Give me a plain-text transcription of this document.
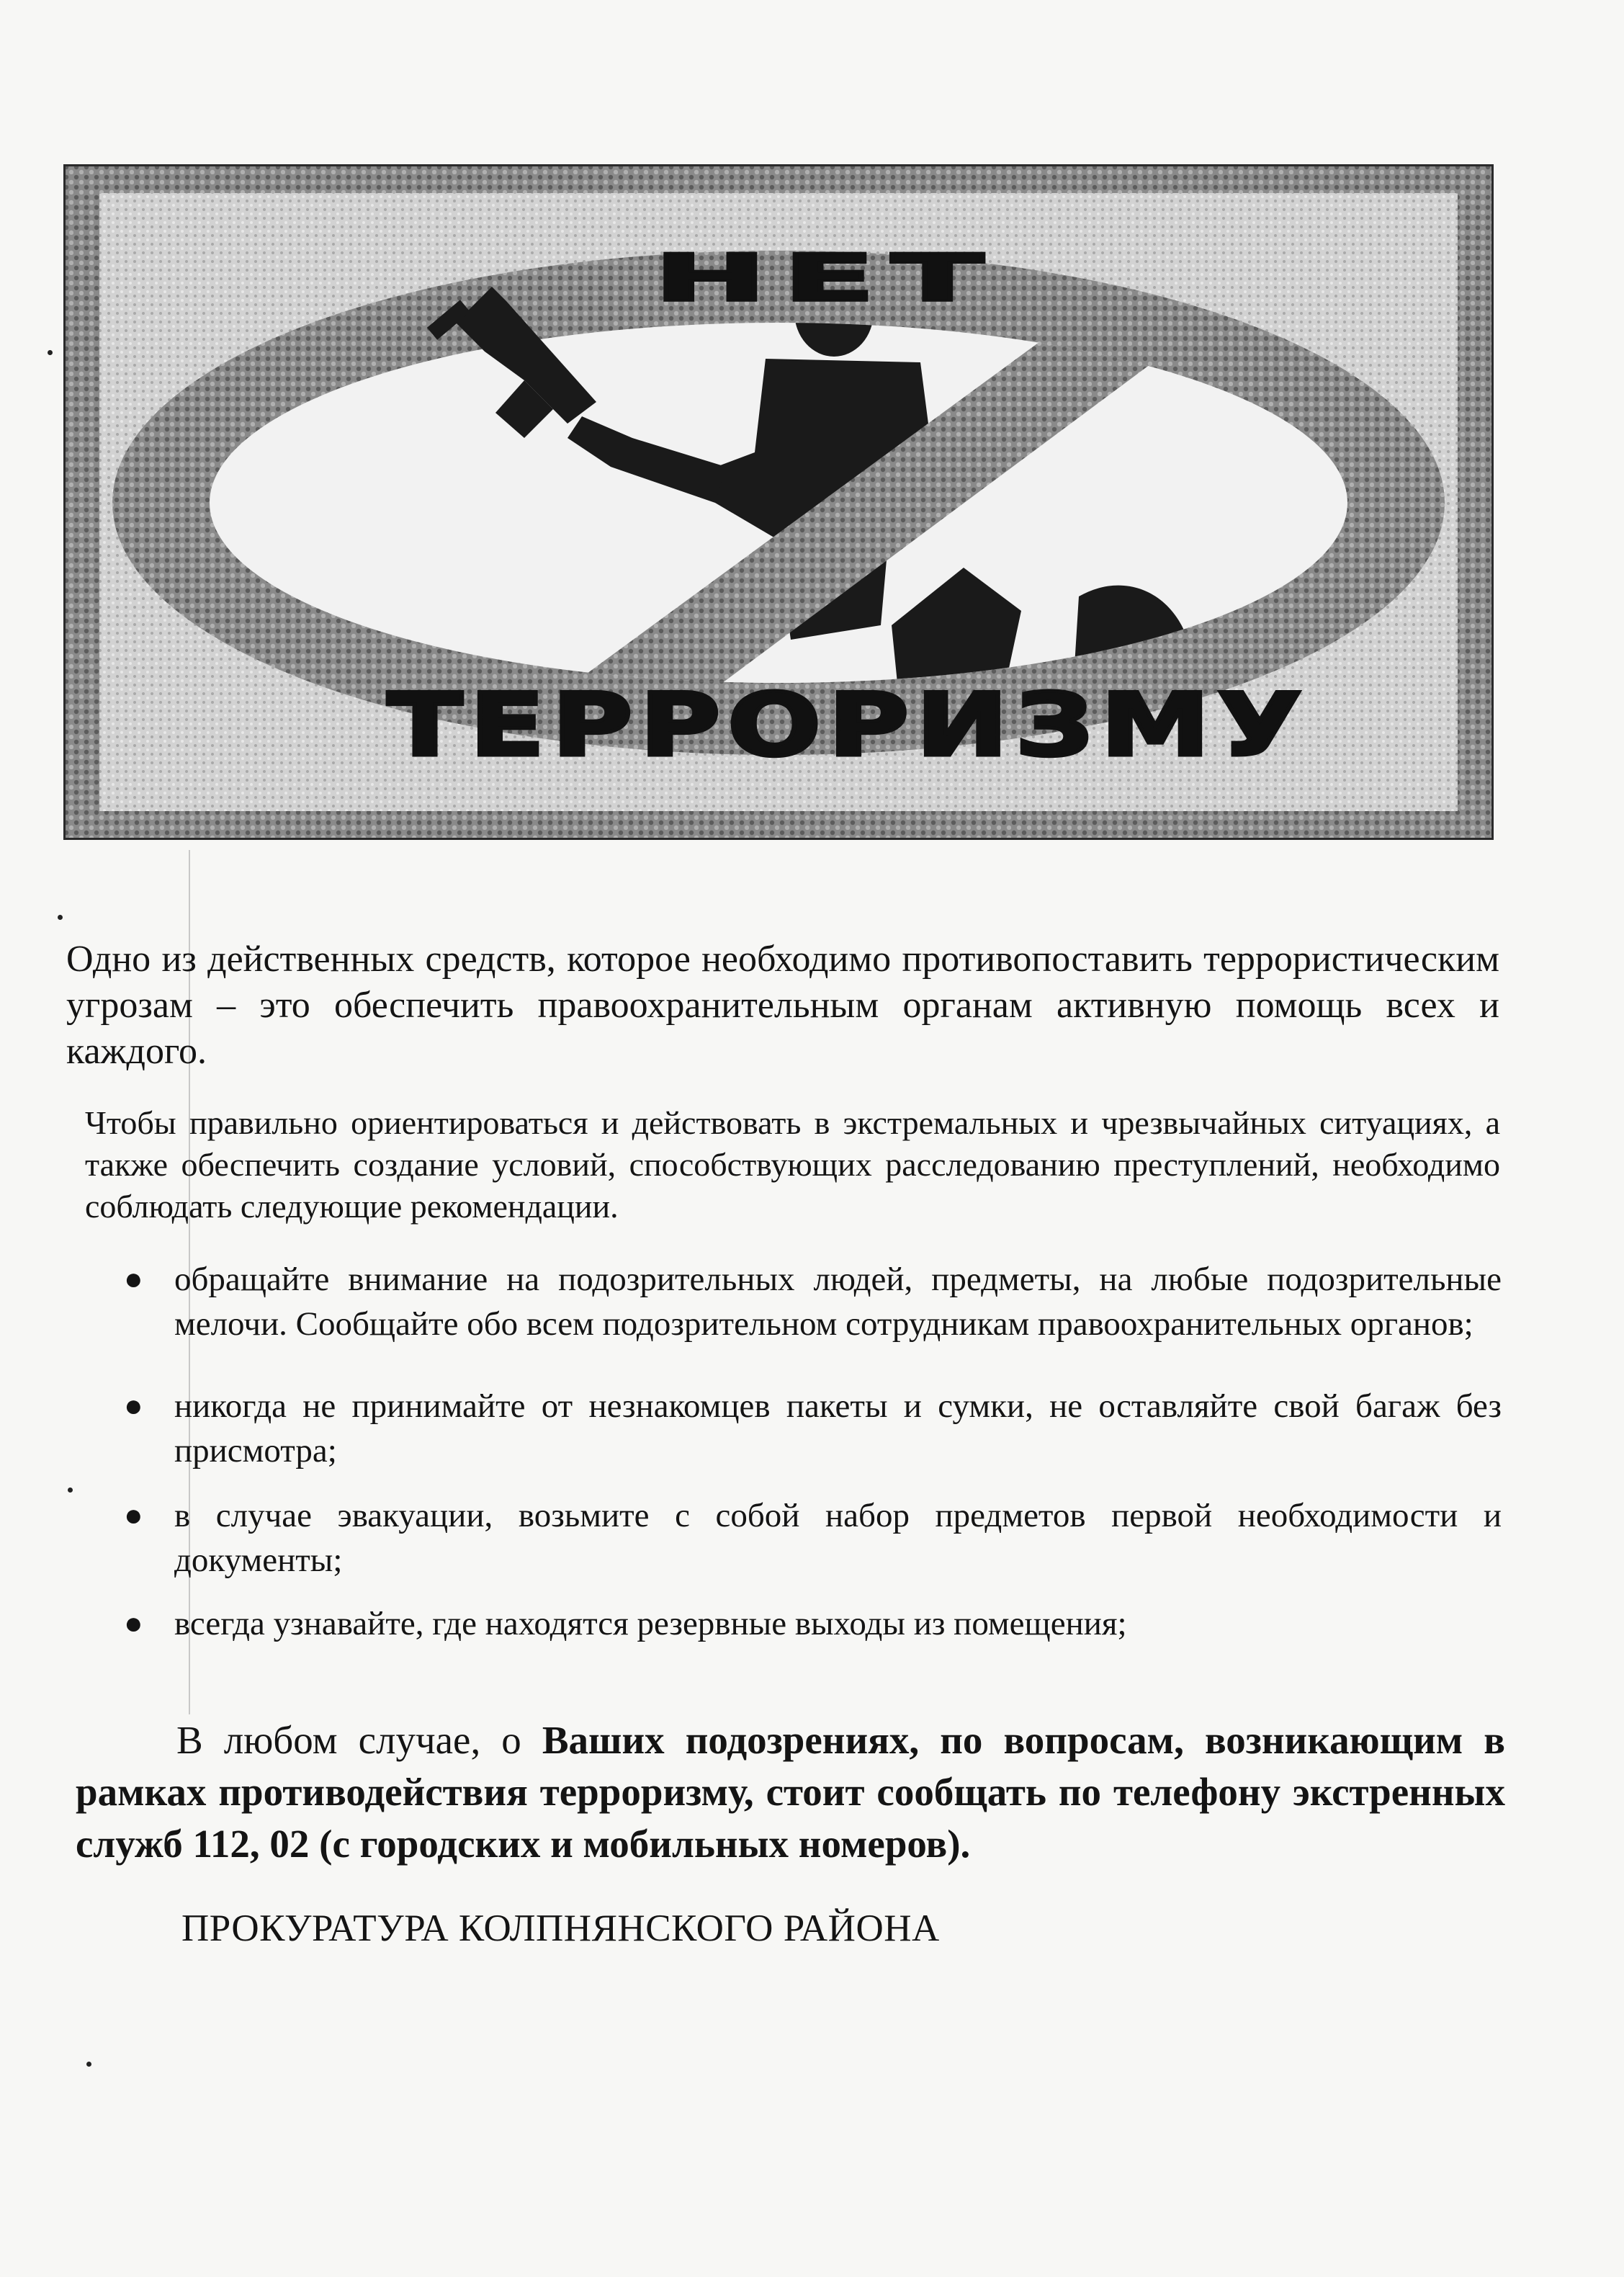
НЕТ
ТЕРРОРИЗМУ

Одно из действенных средств, которое необходимо противопоставить террористическим угрозам – это обеспечить правоохранительным органам активную помощь всех и каждого.

Чтобы правильно ориентироваться и действовать в экстремальных и чрезвычайных ситуациях, а также обеспечить создание условий, способствующих расследованию преступлений, необходимо соблюдать следующие рекомендации.

● обращайте внимание на подозрительных людей, предметы, на любые подозрительные мелочи. Сообщайте обо всем подозрительном сотрудникам правоохранительных органов;
● никогда не принимайте от незнакомцев пакеты и сумки, не оставляйте свой багаж без присмотра;
● в случае эвакуации, возьмите с собой набор предметов первой необходимости и документы;
● всегда узнавайте, где находятся резервные выходы из помещения;

В любом случае, о Ваших подозрениях, по вопросам, возникающим в рамках противодействия терроризму, стоит сообщать по телефону экстренных служб 112, 02 (с городских и мобильных номеров).

ПРОКУРАТУРА КОЛПНЯНСКОГО РАЙОНА
